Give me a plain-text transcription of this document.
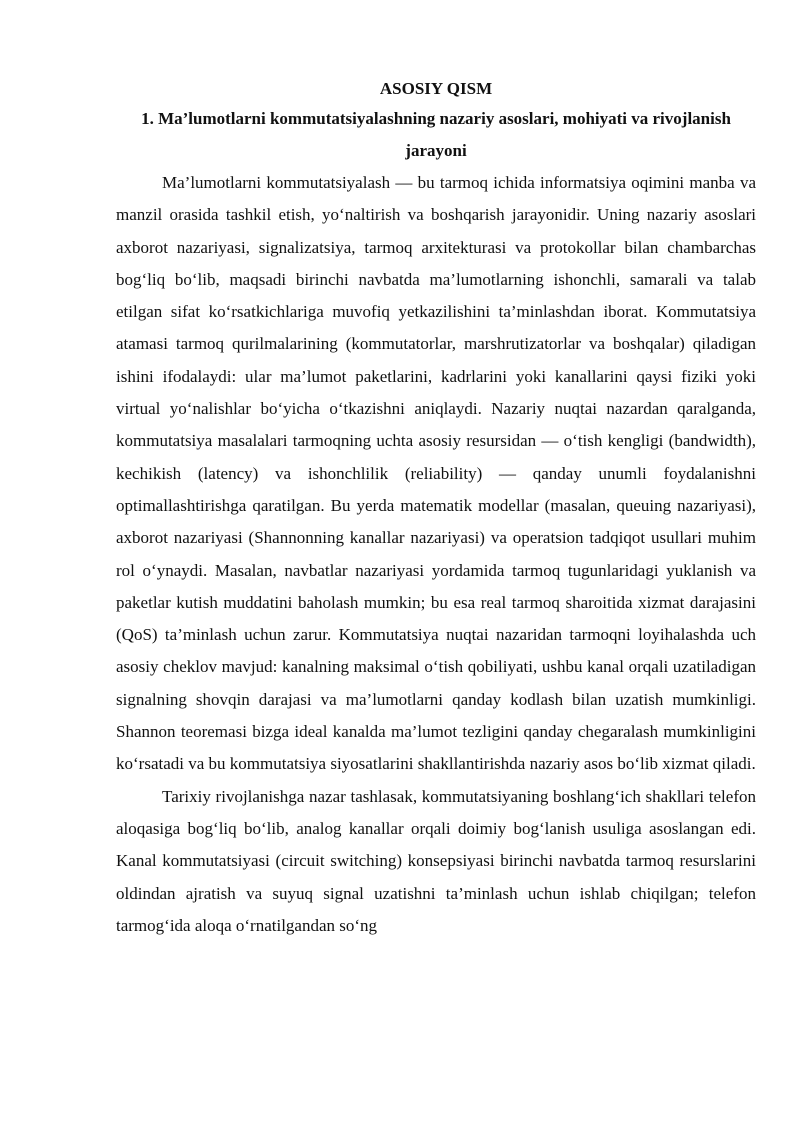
ASOSIY QISM

1. Ma’lumotlarni kommutatsiyalashning nazariy asoslari, mohiyati va rivojlanish jarayoni

Ma’lumotlarni kommutatsiyalash — bu tarmoq ichida informatsiya oqimini manba va manzil orasida tashkil etish, yo‘naltirish va boshqarish jarayonidir. Uning nazariy asoslari axborot nazariyasi, signalizatsiya, tarmoq arxitekturasi va protokollar bilan chambarchas bog‘liq bo‘lib, maqsadi birinchi navbatda ma’lumotlarning ishonchli, samarali va talab etilgan sifat ko‘rsatkichlariga muvofiq yetkazilishini ta’minlashdan iborat. Kommutatsiya atamasi tarmoq qurilmalarining (kommutatorlar, marshrutizatorlar va boshqalar) qiladigan ishini ifodalaydi: ular ma’lumot paketlarini, kadrlarini yoki kanallarini qaysi fiziki yoki virtual yo‘nalishlar bo‘yicha o‘tkazishni aniqlaydi. Nazariy nuqtai nazardan qaralganda, kommutatsiya masalalari tarmoqning uchta asosiy resursidan — o‘tish kengligi (bandwidth), kechikish (latency) va ishonchlilik (reliability) — qanday unumli foydalanishni optimallashtirishga qaratilgan. Bu yerda matematik modellar (masalan, queuing nazariyasi), axborot nazariyasi (Shannonning kanallar nazariyasi) va operatsion tadqiqot usullari muhim rol o‘ynaydi. Masalan, navbatlar nazariyasi yordamida tarmoq tugunlaridagi yuklanish va paketlar kutish muddatini baholash mumkin; bu esa real tarmoq sharoitida xizmat darajasini (QoS) ta’minlash uchun zarur. Kommutatsiya nuqtai nazaridan tarmoqni loyihalashda uch asosiy cheklov mavjud: kanalning maksimal o‘tish qobiliyati, ushbu kanal orqali uzatiladigan signalning shovqin darajasi va ma’lumotlarni qanday kodlash bilan uzatish mumkinligi. Shannon teoremasi bizga ideal kanalda ma’lumot tezligini qanday chegaralash mumkinligini ko‘rsatadi va bu kommutatsiya siyosatlarini shakllantirishda nazariy asos bo‘lib xizmat qiladi.

Tarixiy rivojlanishga nazar tashlasak, kommutatsiyaning boshlang‘ich shakllari telefon aloqasiga bog‘liq bo‘lib, analog kanallar orqali doimiy bog‘lanish usuliga asoslangan edi. Kanal kommutatsiyasi (circuit switching) konsepsiyasi birinchi navbatda tarmoq resurslarini oldindan ajratish va suyuq signal uzatishni ta’minlash uchun ishlab chiqilgan; telefon tarmog‘ida aloqa o‘rnatilgandan so‘ng
